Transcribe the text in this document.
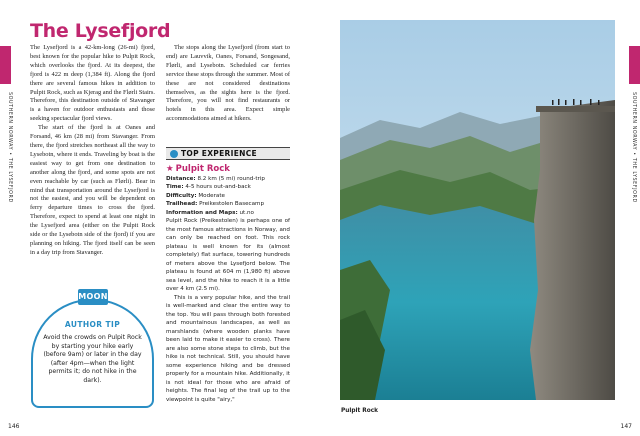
SOUTHERN NORWAY • THE LYSEFJORD	SOUTHERN NORWAY • THE LYSEFJORD
The Lysefjord

The Lysefjord is a 42-km-long (26-mi) fjord, best known for the popular hike to Pulpit Rock, which overlooks the fjord. At its deepest, the fjord is 422 m deep (1,384 ft). Along the fjord there are several famous hikes in addition to Pulpit Rock, such as Kjerag and the Flørli Stairs. Therefore, this destination outside of Stavanger is a haven for outdoor enthusiasts and those seeking spectacular fjord views.

The start of the fjord is at Oanes and Forsand, 46 km (28 mi) from Stavanger. From there, the fjord stretches northeast all the way to Lysebotn, where it ends. Traveling by boat is the easiest way to get from one destination to another along the fjord, and some spots are not even reachable by car (such as Flørli). Bear in mind that transportation around the Lysefjord is not the easiest, and you will be dependent on ferry departure times to cross the fjord. Therefore, expect to spend at least one night in the Lysefjord area (either on the Pulpit Rock side or the Lysebotn side of the fjord) if you are planning on hiking. The fjord itself can be seen in a day trip from Stavanger.

MOON
AUTHOR TIP
Avoid the crowds on Pulpit Rock by starting your hike early (before 9am) or later in the day (after 4pm—when the light permits it; do not hike in the dark).

The stops along the Lysefjord (from start to end) are Lauvvik, Oanes, Forsand, Songesand, Flørli, and Lysebotn. Scheduled car ferries service these stops through the summer. Most of these are not considered destinations themselves, as the sights here is the fjord. Therefore, you will not find restaurants or hotels in this area. Expect simple accommodations aimed at hikers.

TOP EXPERIENCE
★ Pulpit Rock
Distance: 8.2 km (5 mi) round-trip
Time: 4-5 hours out-and-back
Difficulty: Moderate
Trailhead: Preikestolen Basecamp
Information and Maps: ut.no

Pulpit Rock (Preikestolen) is perhaps one of the most famous attractions in Norway, and can only be reached on foot. This rock plateau is well known for its (almost completely) flat surface, towering hundreds of meters above the Lysefjord below. The plateau is found at 604 m (1,980 ft) above sea level, and the hike to reach it is a little over 4 km (2.5 mi).

This is a very popular hike, and the trail is well-marked and clear the entire way to the top. You will pass through both forested and mountainous landscapes, as well as marshlands (where wooden planks have been laid to make it easier to cross). There are also some stone steps to climb, but the hike is not technical. Still, you should have some experience hiking and be dressed properly for a mountain hike. Additionally, it is not ideal for those who are afraid of heights. The final leg of the trail up to the viewpoint is quite "airy,"

146	147
Pulpit Rock
